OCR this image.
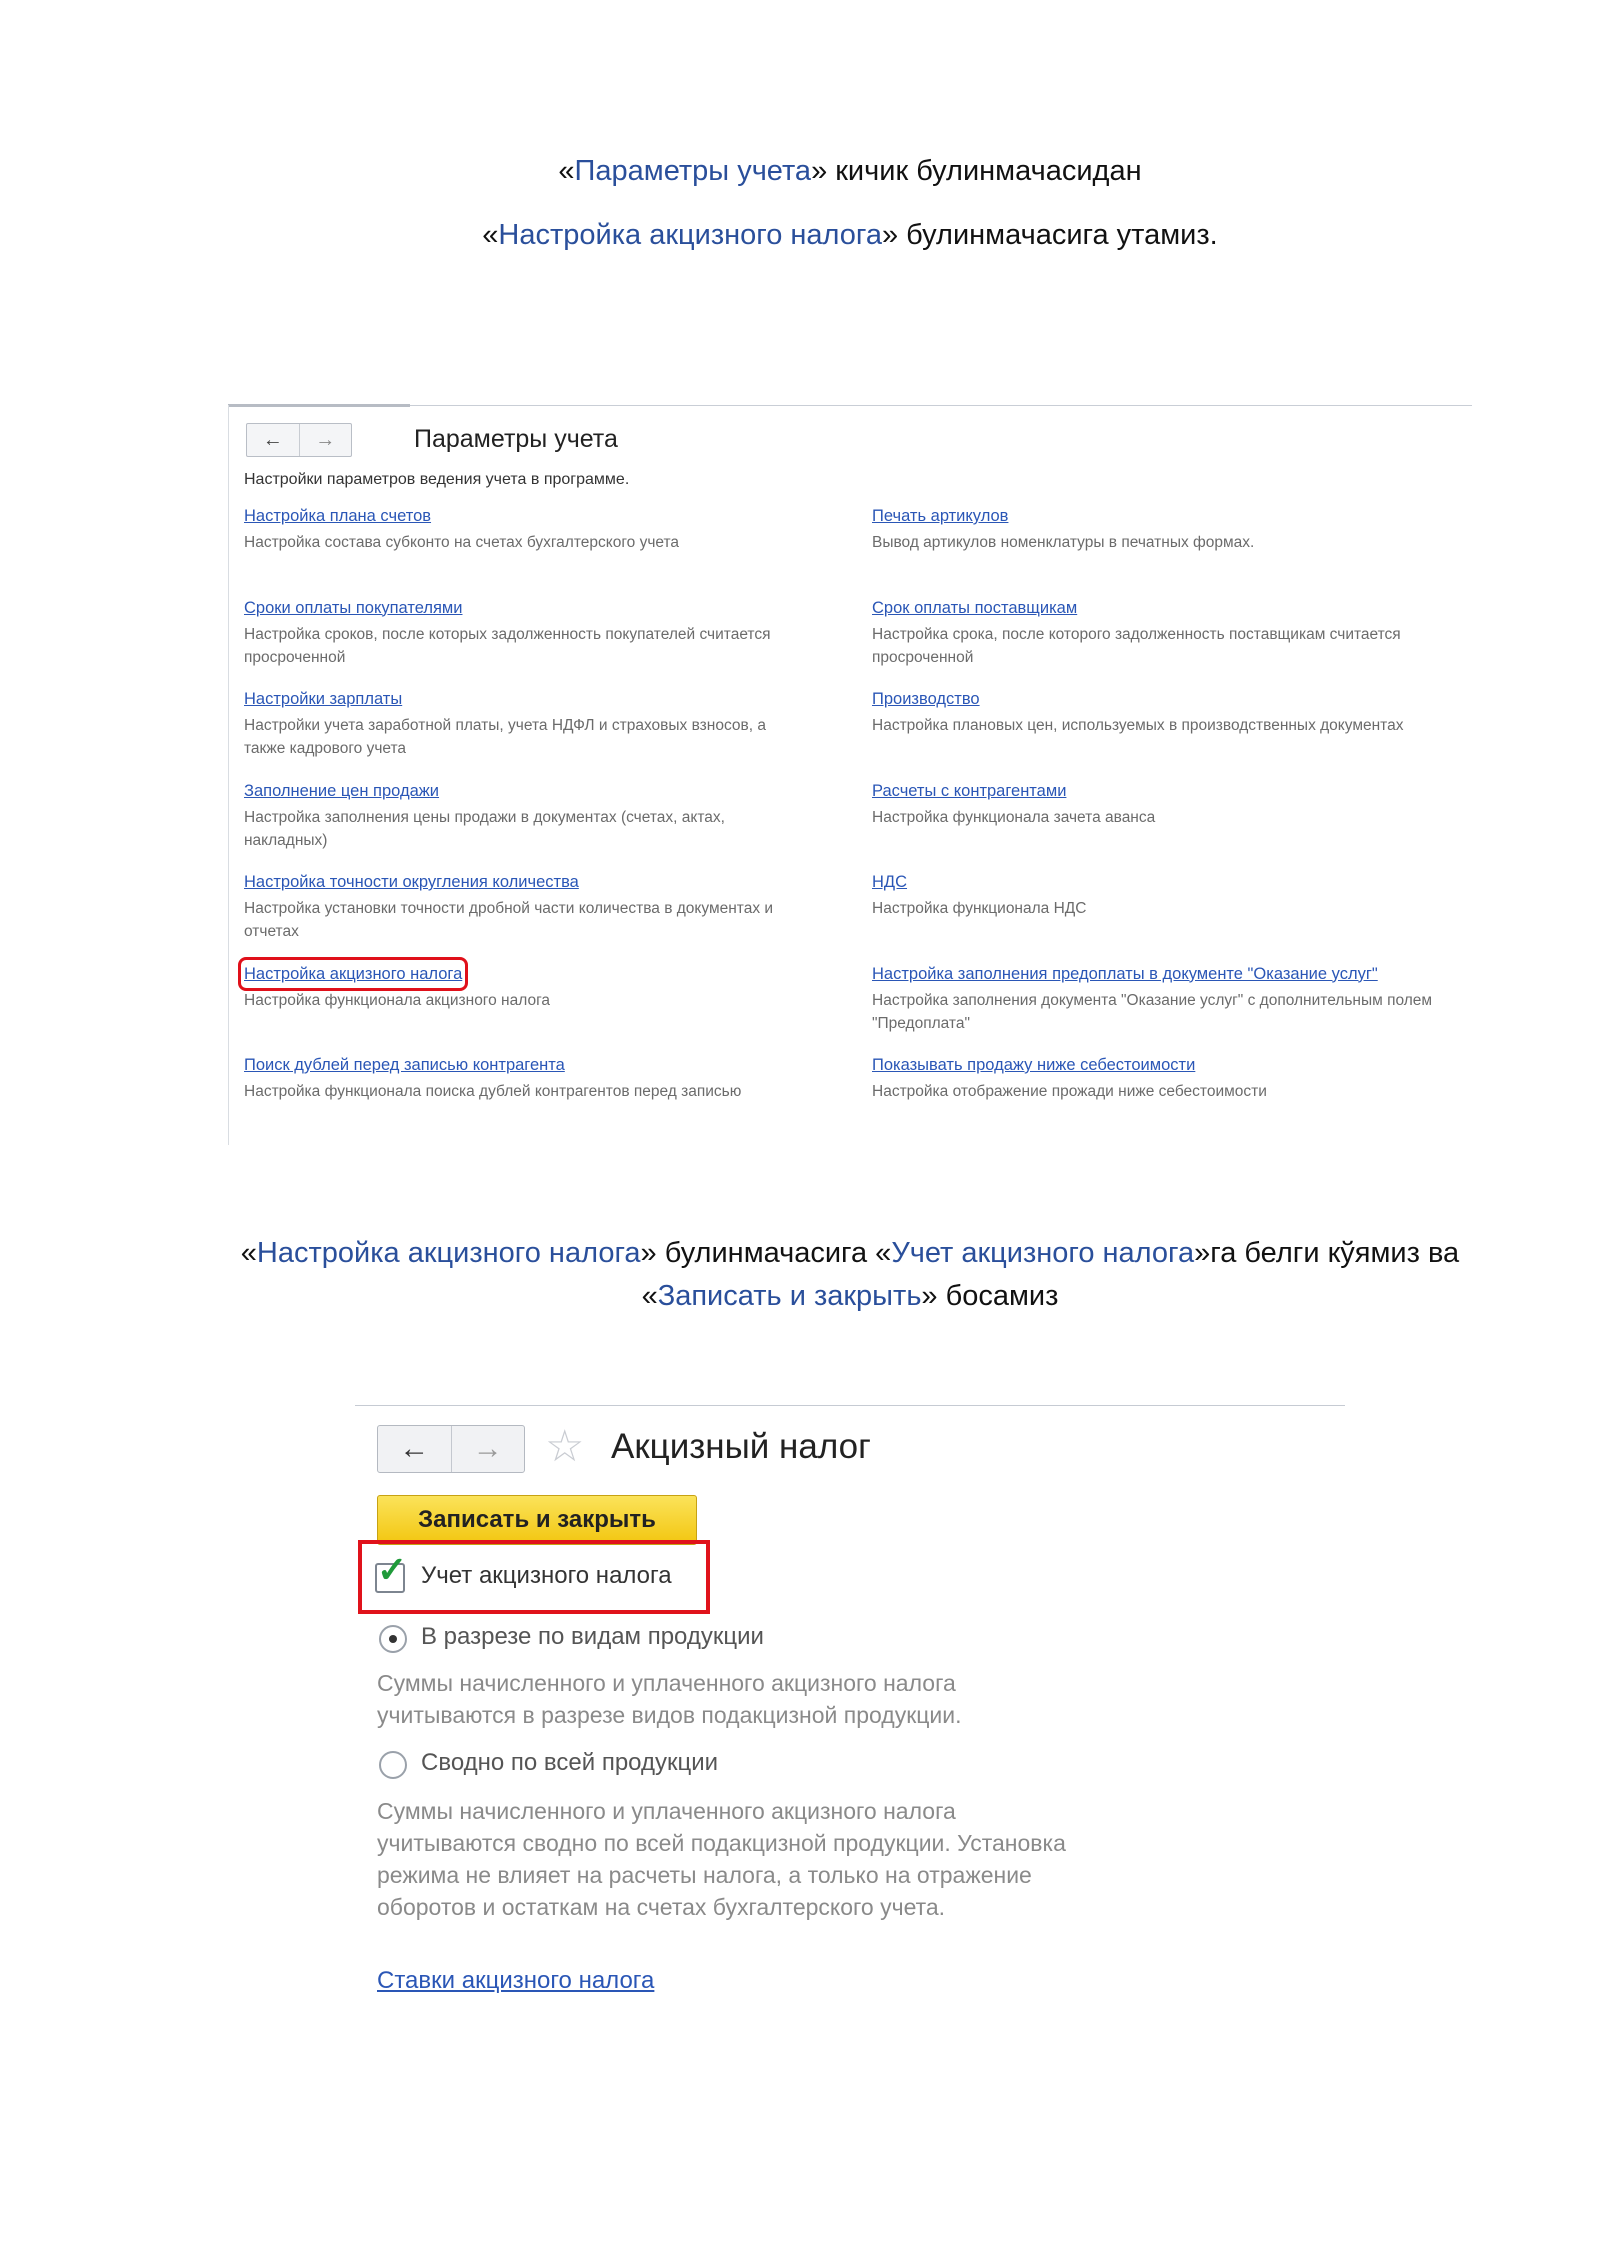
«Параметры учета» кичик булинмачасидан
«Настройка акцизного налога» булинмачасига утамиз.
←	→	Параметры учета
Настройки параметров ведения учета в программе.
Настройка плана счетов
Настройка состава субконто на счетах бухгалтерского учета
Сроки оплаты покупателями
Настройка сроков, после которых задолженность покупателей считается просроченной
Настройки зарплаты
Настройки учета заработной платы, учета НДФЛ и страховых взносов, а также кадрового учета
Заполнение цен продажи
Настройка заполнения цены продажи в документах (счетах, актах, накладных)
Настройка точности округления количества
Настройка установки точности дробной части количества в документах и отчетах
Настройка акцизного налога
Настройка функционала акцизного налога
Поиск дублей перед записью контрагента
Настройка функционала поиска дублей контрагентов перед записью
Печать артикулов
Вывод артикулов номенклатуры в печатных формах.
Срок оплаты поставщикам
Настройка срока, после которого задолженность поставщикам считается просроченной
Производство
Настройка плановых цен, используемых в производственных документах
Расчеты с контрагентами
Настройка функционала зачета аванса
НДС
Настройка функционала НДС
Настройка заполнения предоплаты в документе "Оказание услуг"
Настройка заполнения документа "Оказание услуг" с дополнительным полем "Предоплата"
Показывать продажу ниже себестоимости
Настройка отображение прожади ниже себестоимости
«Настройка акцизного налога» булинмачасига «Учет акцизного налога»га белги кўямиз ва
«Записать и закрыть» босамиз
←	→ ☆ Акцизный налог
Записать и закрыть
✓ Учет акцизного налога
В разрезе по видам продукции
Суммы начисленного и уплаченного акцизного налога учитываются в разрезе видов подакцизной продукции.
Сводно по всей продукции
Суммы начисленного и уплаченного акцизного налога учитываются сводно по всей подакцизной продукции. Установка режима не влияет на расчеты налога, а только на отражение оборотов и остаткам на счетах бухгалтерского учета.
Ставки акцизного налога
